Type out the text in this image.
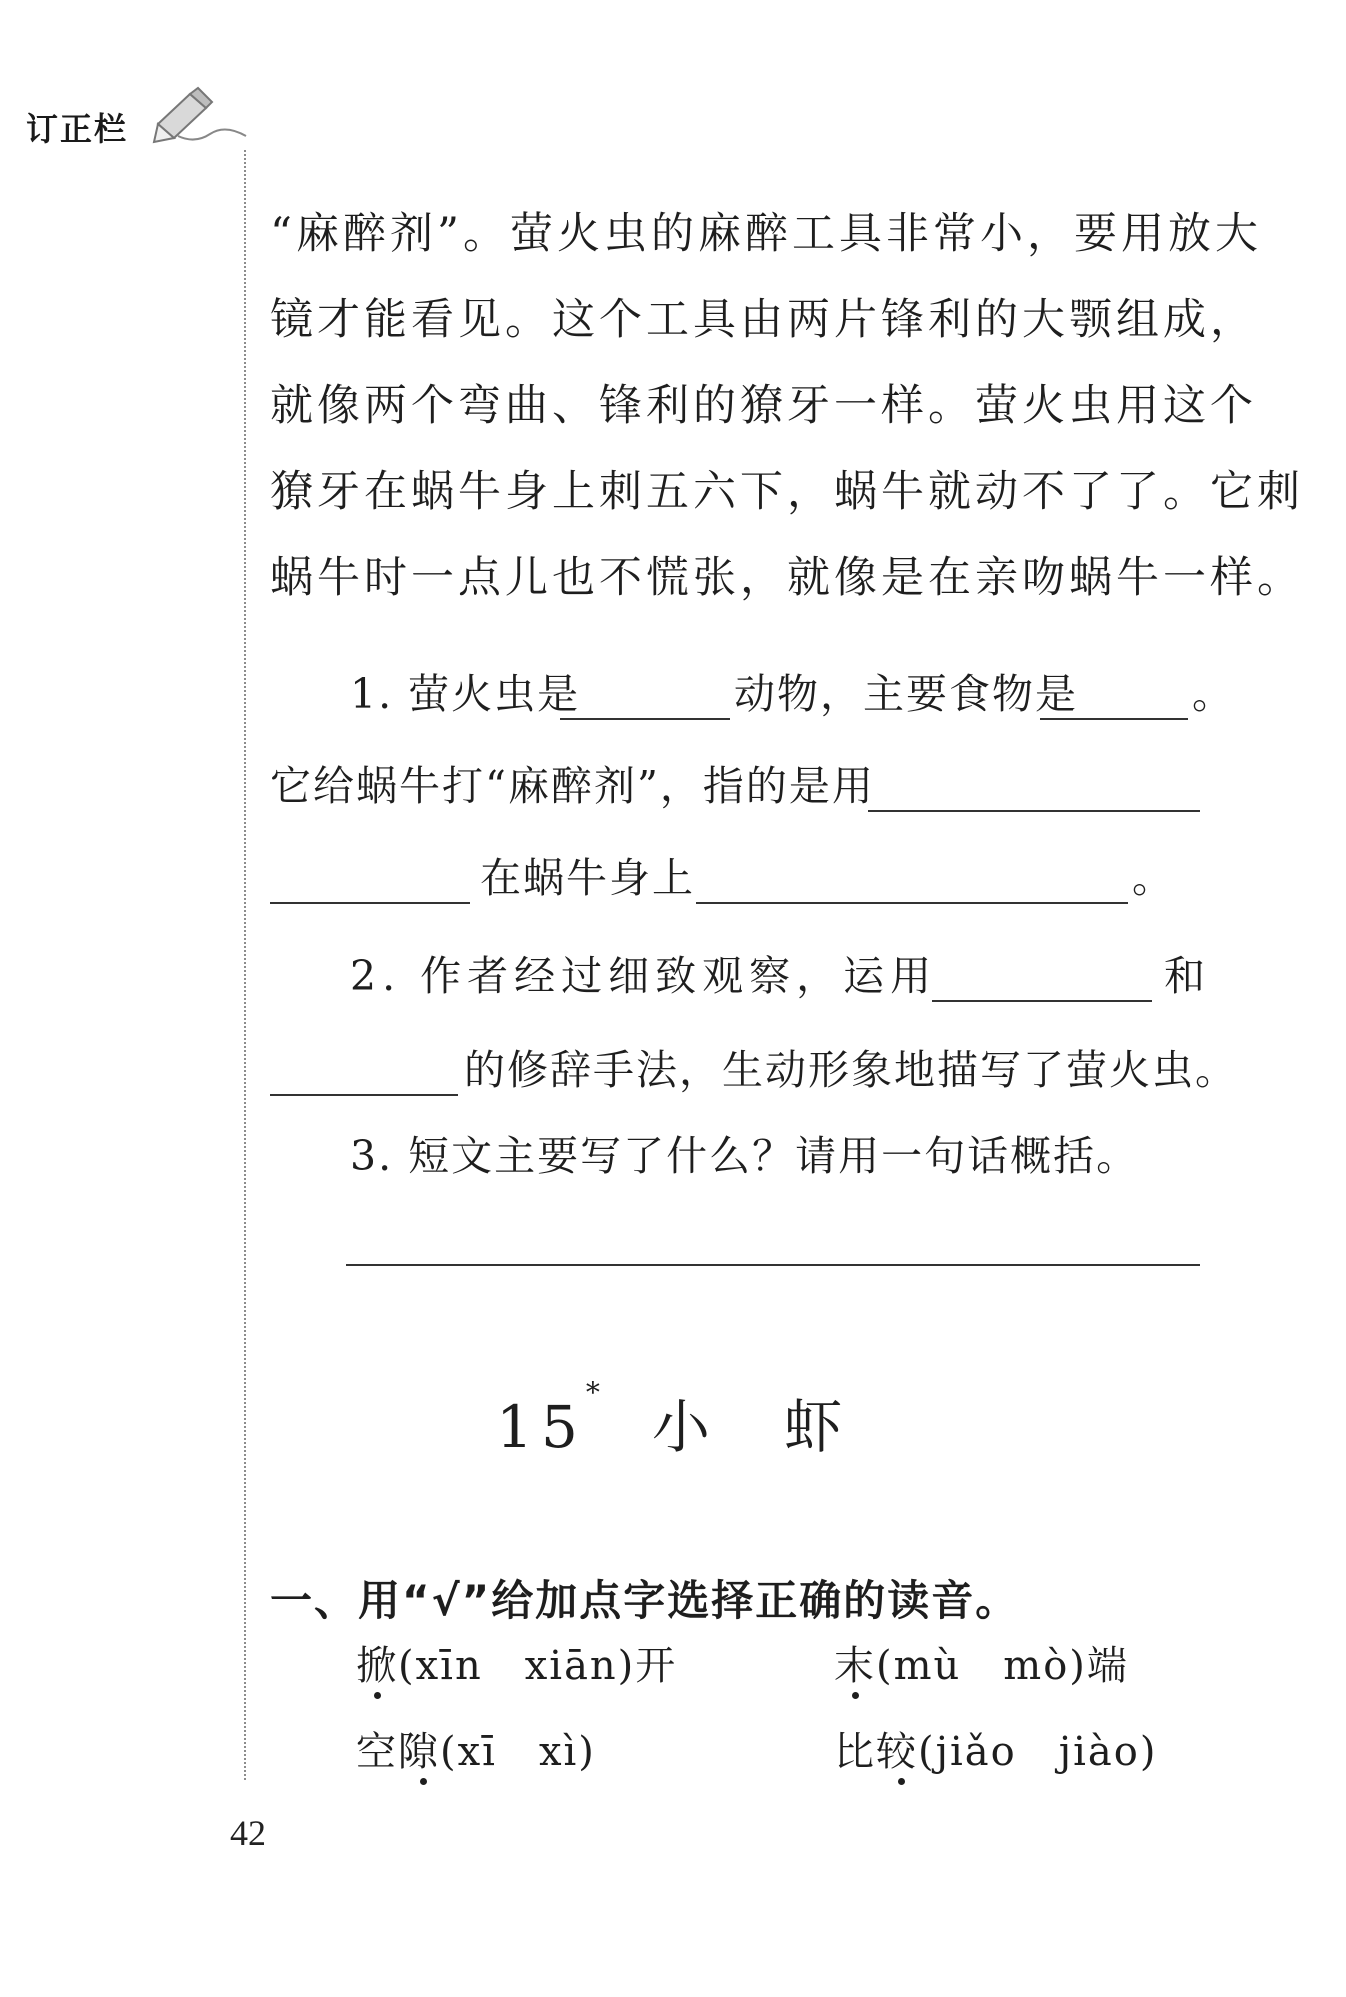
订正栏
“麻醉剂”。萤火虫的麻醉工具非常小，要用放大
镜才能看见。这个工具由两片锋利的大颚组成，
就像两个弯曲、锋利的獠牙一样。萤火虫用这个
獠牙在蜗牛身上刺五六下，蜗牛就动不了了。它刺
蜗牛时一点儿也不慌张，就像是在亲吻蜗牛一样。
1. 萤火虫是	动物，主要食物是	。
它给蜗牛打“麻醉剂”，指的是用
在蜗牛身上	。
2. 作者经过细致观察，运用	和
的修辞手法，生动形象地描写了萤火虫。
3. 短文主要写了什么？请用一句话概括。
15*小　虾
一、用“√”给加点字选择正确的读音。
掀(xīn　xiān)开	末(mù　mò)端
空隙(xī　xì)	比较(jiǎo　jiào)
42
